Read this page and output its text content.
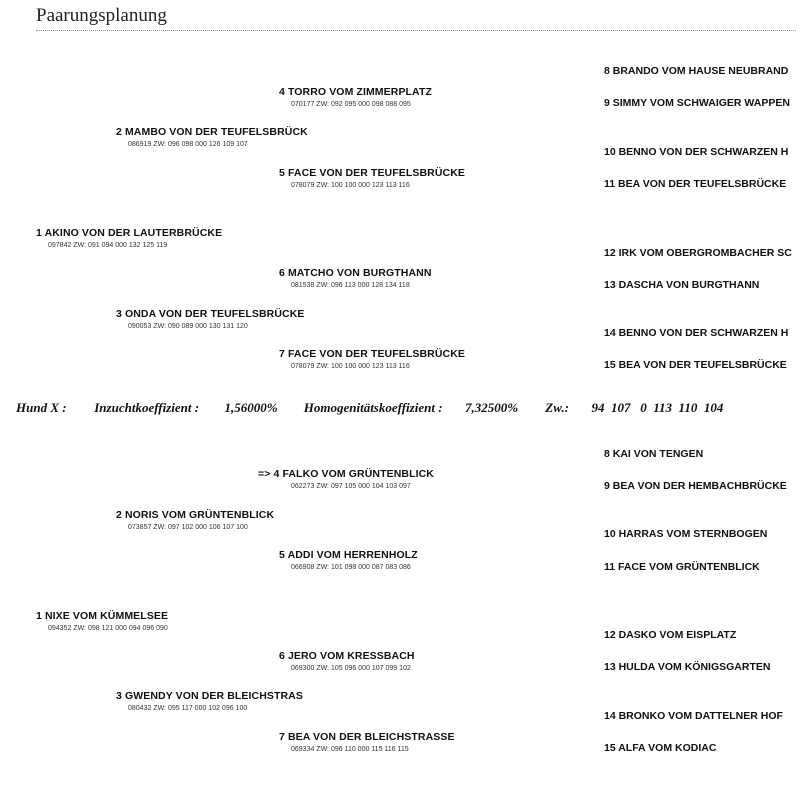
Paarungsplanung
4 TORRO VOM ZIMMERPLATZ
070177 ZW: 092 095 000 098 088 095
2 MAMBO VON DER TEUFELSBRÜCK
086919 ZW: 096 098 000 126 109 107
5 FACE VON DER TEUFELSBRÜCKE
078079 ZW: 100 100 000 123 113 116
1 AKINO VON DER LAUTERBRÜCKE
097842 ZW: 091 094 000 132 125 119
6 MATCHO VON BURGTHANN
081538 ZW: 096 113 000 128 134 118
3 ONDA VON DER TEUFELSBRÜCKE
090053 ZW: 090 089 000 130 131 120
7 FACE VON DER TEUFELSBRÜCKE
078079 ZW: 100 100 000 123 113 116
8 BRANDO VOM HAUSE NEUBRAND
9 SIMMY VOM SCHWAIGER WAPPEN
10 BENNO VON DER SCHWARZEN H
11 BEA VON DER TEUFELSBRÜCKE
12 IRK VOM OBERGROMBACHER SC
13 DASCHA VON BURGTHANN
14 BENNO VON DER SCHWARZEN H
15 BEA VON DER TEUFELSBRÜCKE
Hund X : Inzuchtkoeffizient : 1,56000% Homogenitätskoeffizient : 7,32500% Zw.: 94  107   0  113  110  104
=> 4 FALKO VOM GRÜNTENBLICK
062273 ZW: 097 105 000 104 103 097
2 NORIS VOM GRÜNTENBLICK
073857 ZW: 097 102 000 106 107 100
5 ADDI VOM HERRENHOLZ
066908 ZW: 101 098 000 087 083 086
1 NIXE VOM KÜMMELSEE
094352 ZW: 098 121 000 094 096 090
6 JERO VOM KRESSBACH
069300 ZW: 105 096 000 107 099 102
3 GWENDY VON DER BLEICHSTRAS
080432 ZW: 095 117 000 102 096 100
7 BEA VON DER BLEICHSTRASSE
069334 ZW: 096 110 000 115 116 115
8 KAI VON TENGEN
9 BEA VON DER HEMBACHBRÜCKE
10 HARRAS VOM STERNBOGEN
11 FACE VOM GRÜNTENBLICK
12 DASKO VOM EISPLATZ
13 HULDA VOM KÖNIGSGARTEN
14 BRONKO VOM DATTELNER HOF
15 ALFA VOM KODIAC
